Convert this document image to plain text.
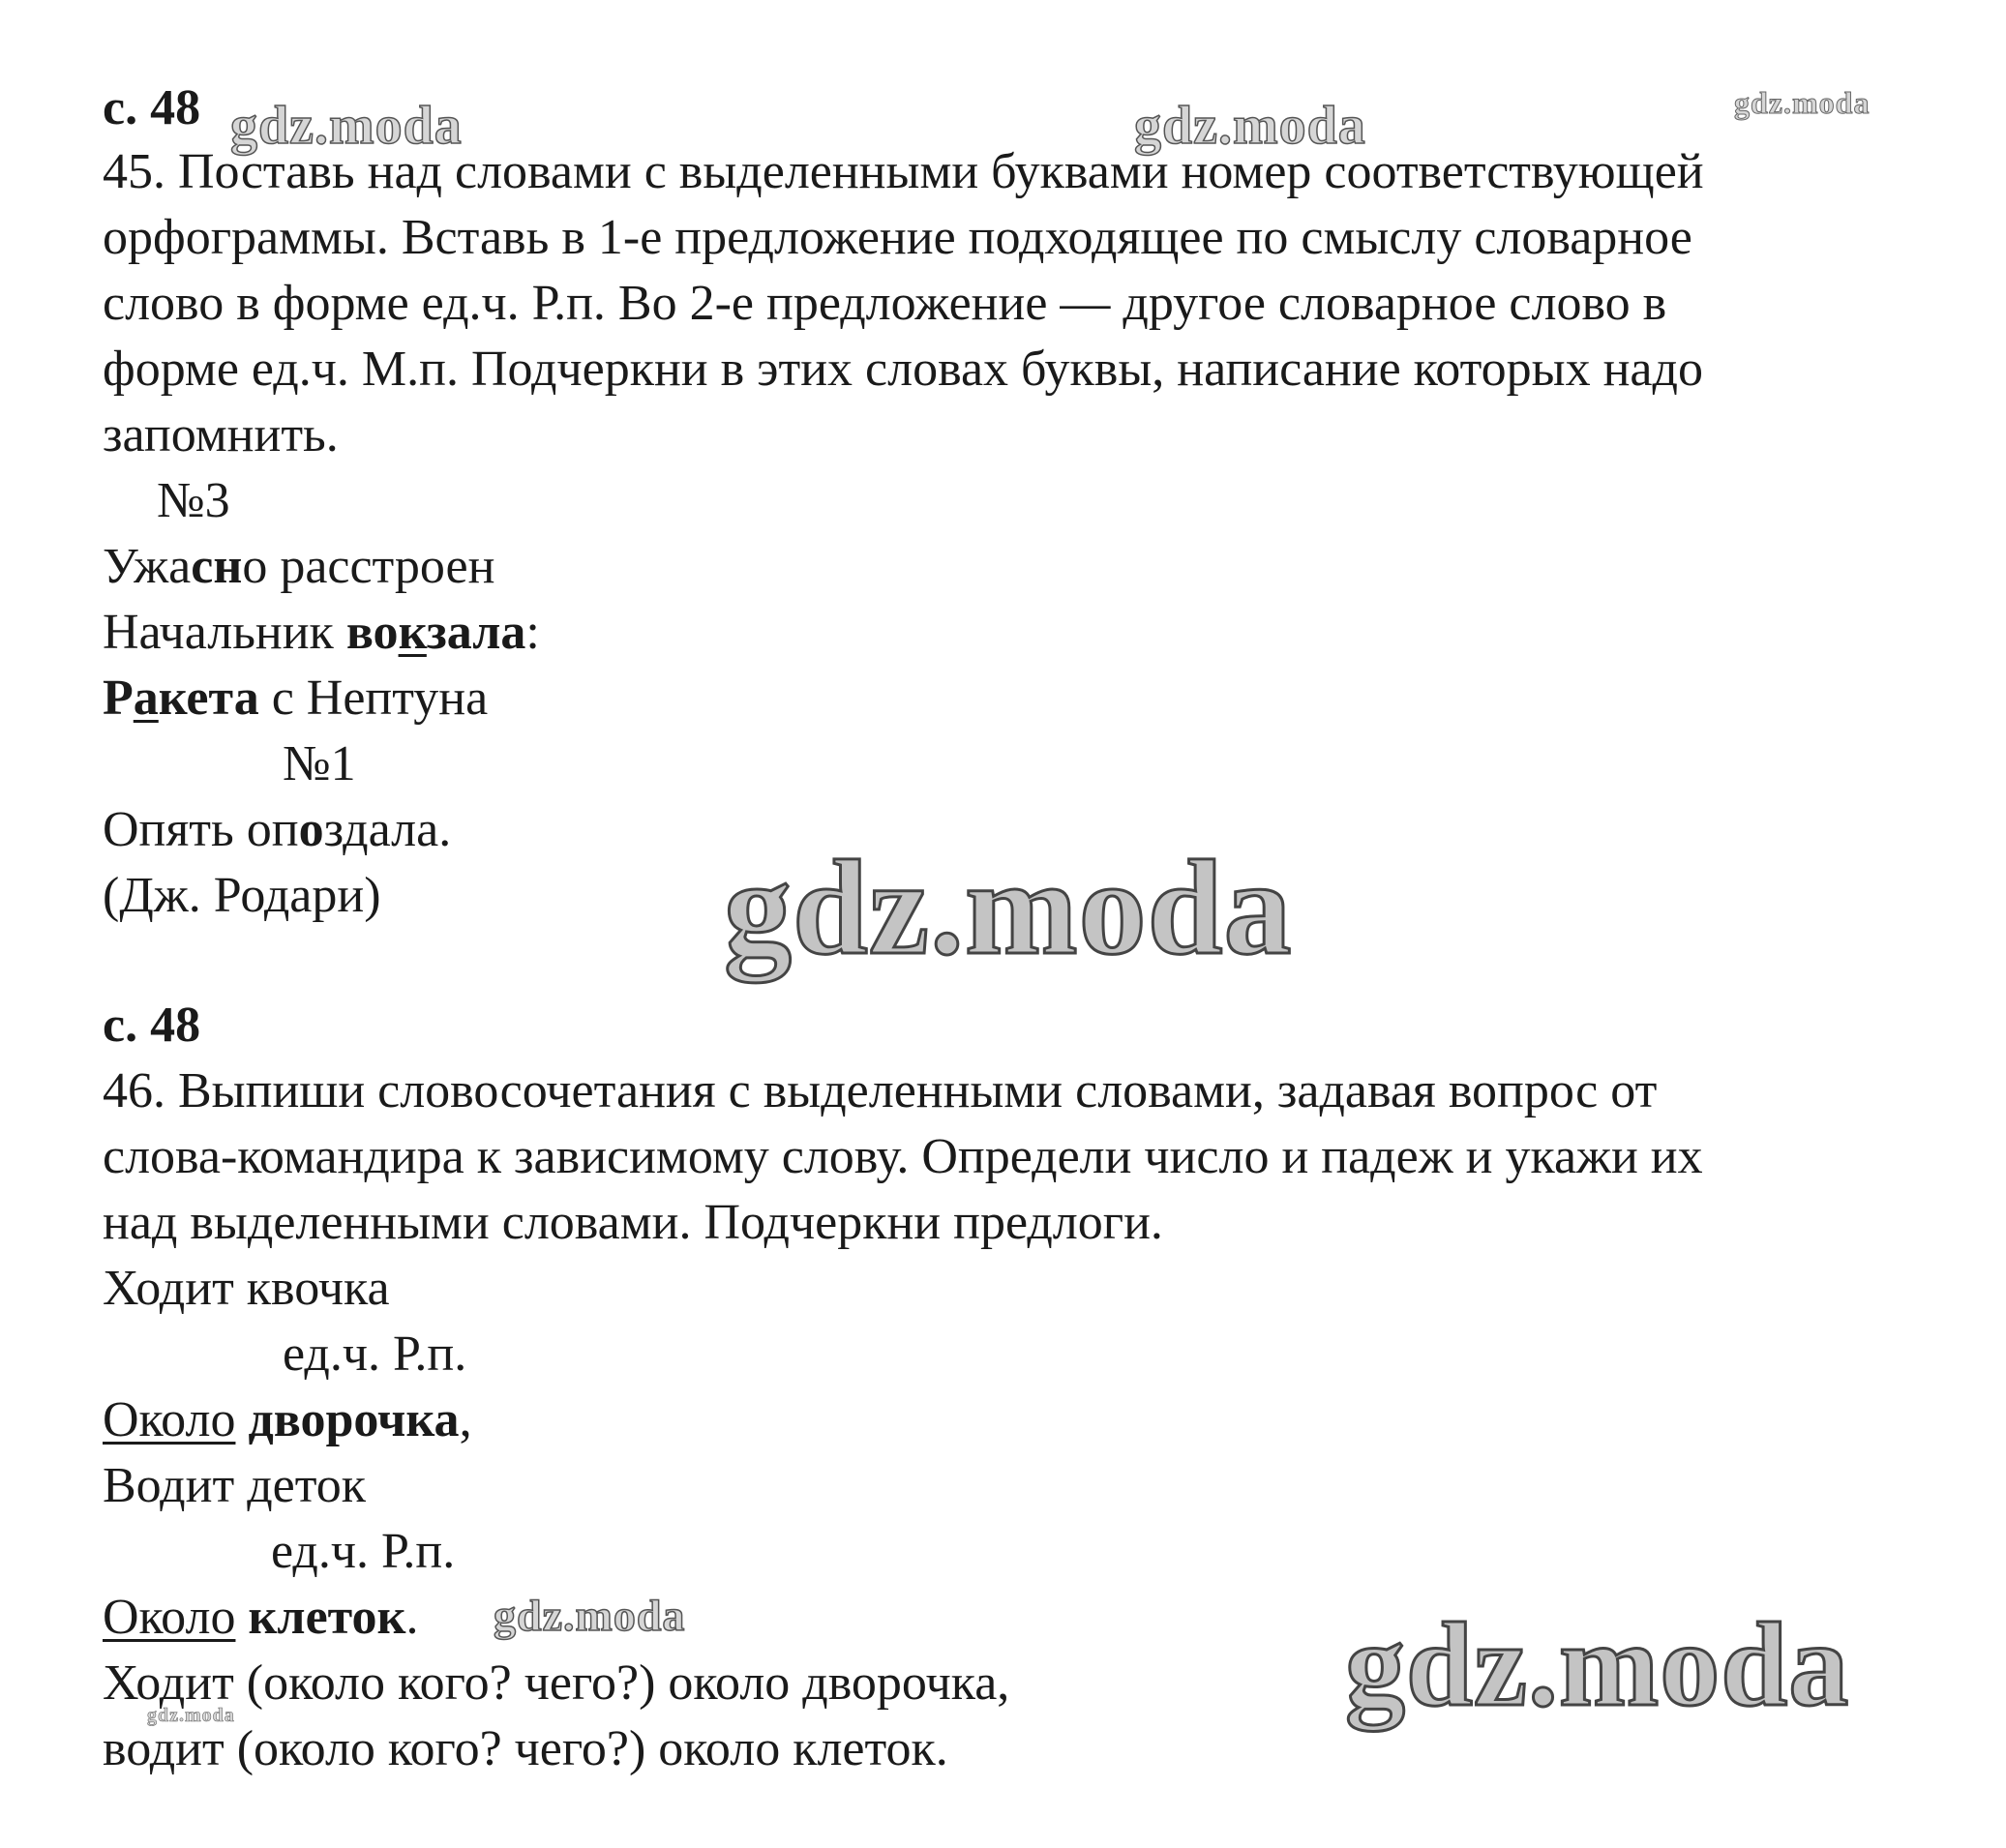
gdz.moda	gdz.moda	gdz.moda
gdz.moda
gdz.moda
gdz.moda	gdz.moda
с. 48
45. Поставь над словами с выделенными буквами номер соответствующей
орфограммы. Вставь в 1-е предложение подходящее по смыслу словарное
слово в форме ед.ч. Р.п. Во 2-е предложение — другое словарное слово в
форме ед.ч. М.п. Подчеркни в этих словах буквы, написание которых надо
запомнить.
№3
Ужасно расстроен
Начальник вокзала:
Ракета с Нептуна
№1
Опять опоздала.
(Дж. Родари)
с. 48
46. Выпиши словосочетания с выделенными словами, задавая вопрос от
слова-командира к зависимому слову. Определи число и падеж и укажи их
над выделенными словами. Подчеркни предлоги.
Ходит квочка
ед.ч. Р.п.
Около дворочка,
Водит деток
ед.ч. Р.п.
Около клеток.
Ходит (около кого? чего?) около дворочка,
водит (около кого? чего?) около клеток.
